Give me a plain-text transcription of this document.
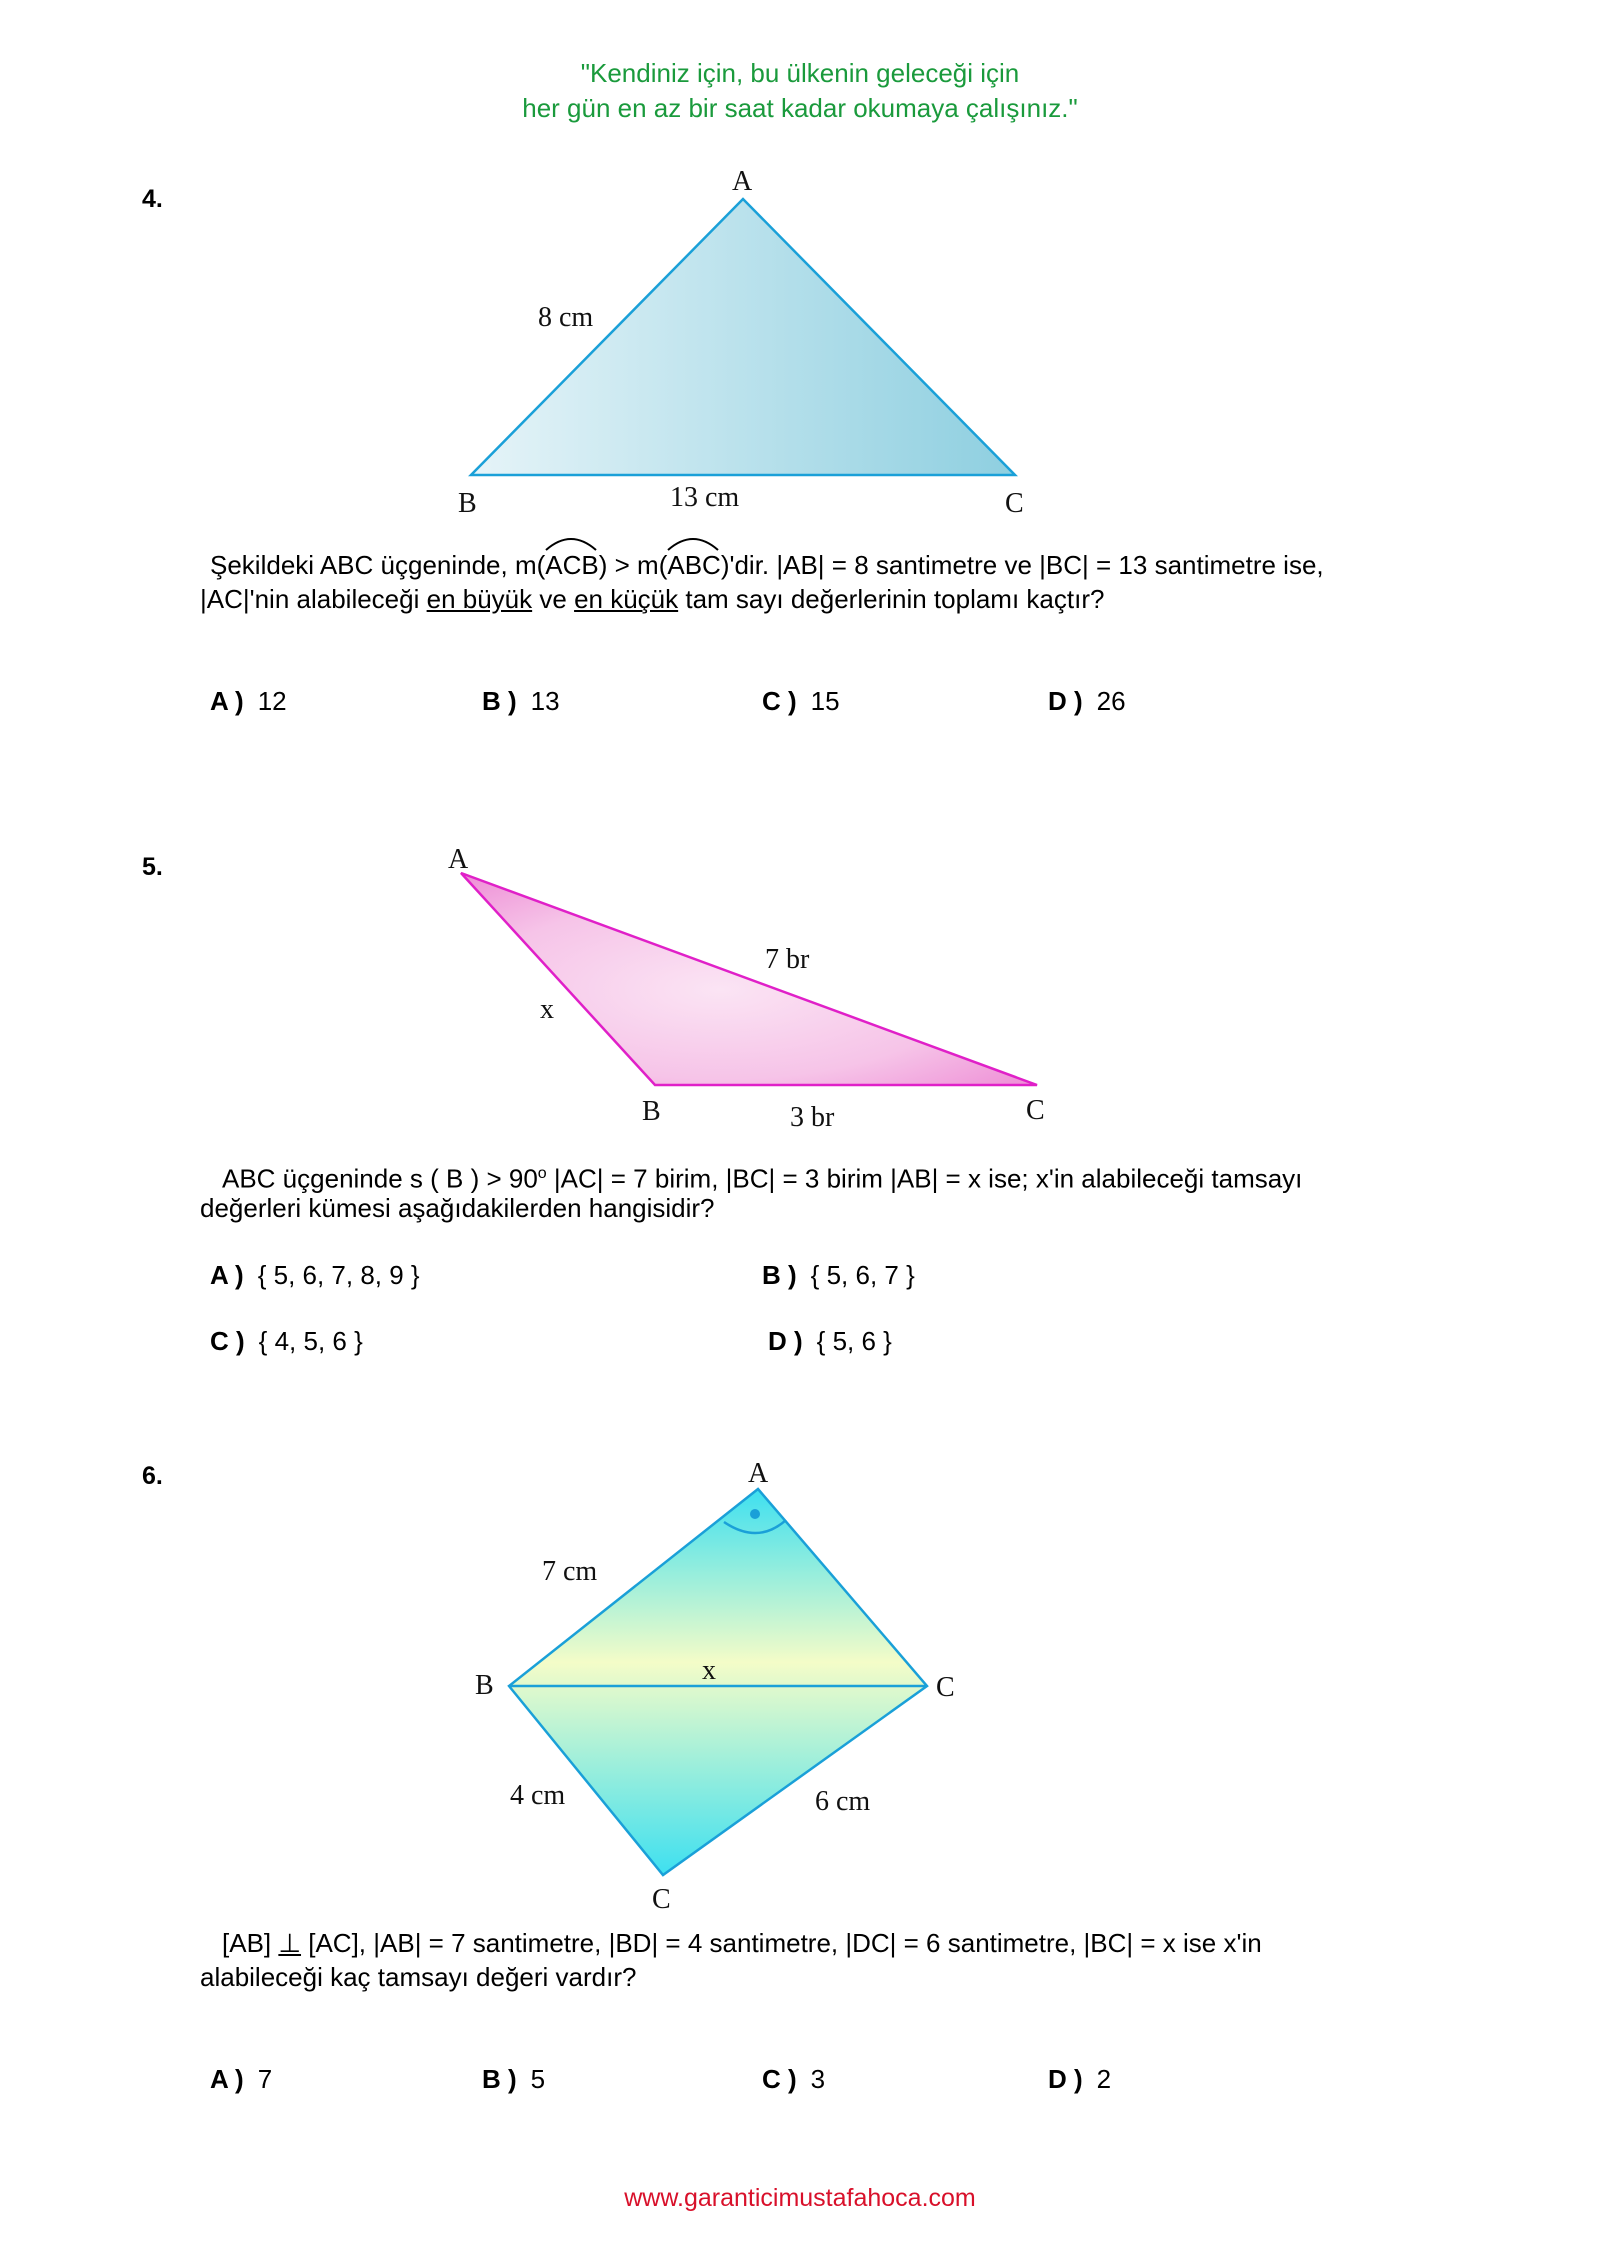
"Kendiniz için, bu ülkenin geleceği için
her gün en az bir saat kadar okumaya çalışınız."
4.
A
8 cm
B	13 cm	C
Şekildeki ABC üçgeninde, m(
ACB) > m(
ABC)'dir. |AB| = 8 santimetre ve |BC| = 13 santimetre ise,
|AC|'nin alabileceği en büyük ve en küçük tam sayı değerlerinin toplamı kaçtır?
A ) 12	B ) 13	C ) 15	D ) 26
5.	A
7 br
x
B	3 br	C
ABC üçgeninde s ( B ) > $90^o$ |AC| = 7 birim, |BC| = 3 birim |AB| = x ise; x'in alabileceği tamsayı
değerleri kümesi aşağıdakilerden hangisidir?
A ) { 5, 6, 7, 8, 9 }	B ) { 5, 6, 7 }
C ) { 4, 5, 6 }	D ) { 5, 6 }
6.	A
7 cm
B	x
C
4 cm	6 cm
C
[AB] ⊥ [AC], |AB| = 7 santimetre, |BD| = 4 santimetre, |DC| = 6 santimetre, |BC| = x ise x'in
alabileceği kaç tamsayı değeri vardır?
A ) 7	B ) 5	C ) 3	D ) 2
www.garanticimustafahoca.com
